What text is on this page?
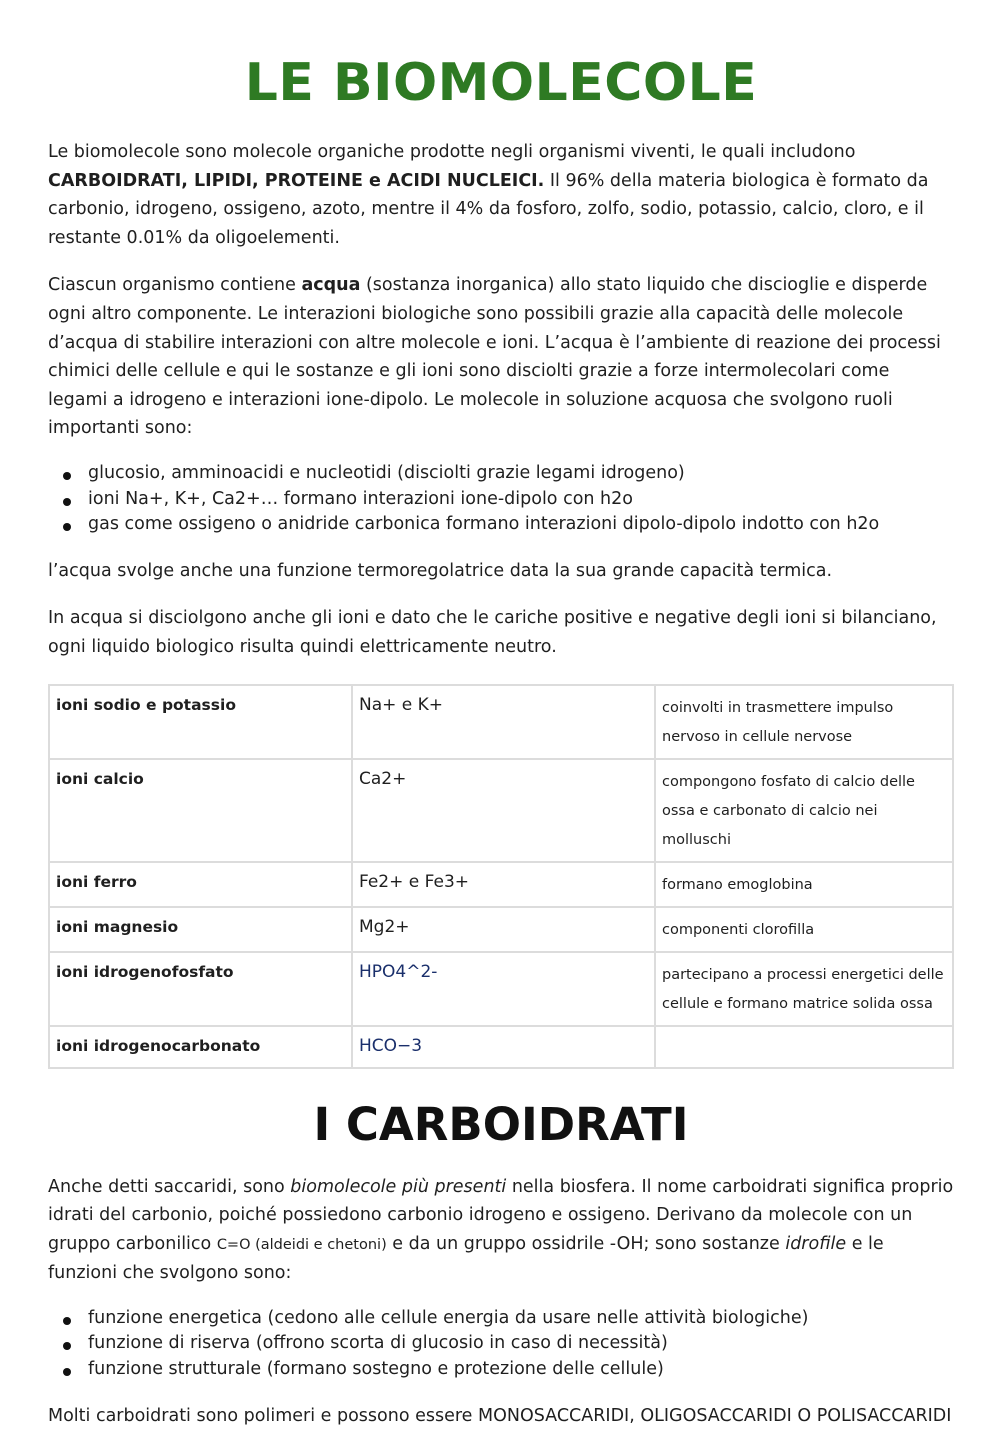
LE BIOMOLECOLE

Le biomolecole sono molecole organiche prodotte negli organismi viventi, le quali includono CARBOIDRATI, LIPIDI, PROTEINE e ACIDI NUCLEICI. Il 96% della materia biologica è formato da carbonio, idrogeno, ossigeno, azoto, mentre il 4% da fosforo, zolfo, sodio, potassio, calcio, cloro, e il restante 0.01% da oligoelementi.

Ciascun organismo contiene acqua (sostanza inorganica) allo stato liquido che discioglie e disperde ogni altro componente. Le interazioni biologiche sono possibili grazie alla capacità delle molecole d’acqua di stabilire interazioni con altre molecole e ioni. L’acqua è l’ambiente di reazione dei processi chimici delle cellule e qui le sostanze e gli ioni sono disciolti grazie a forze intermolecolari come legami a idrogeno e interazioni ione-dipolo. Le molecole in soluzione acquosa che svolgono ruoli importanti sono:

glucosio, amminoacidi e nucleotidi (disciolti grazie legami idrogeno)
ioni Na+, K+, Ca2+… formano interazioni ione-dipolo con h2o
gas come ossigeno o anidride carbonica formano interazioni dipolo-dipolo indotto con h2o

l’acqua svolge anche una funzione termoregolatrice data la sua grande capacità termica.

In acqua si disciolgono anche gli ioni e dato che le cariche positive e negative degli ioni si bilanciano, ogni liquido biologico risulta quindi elettricamente neutro.

ioni sodio e potassio	Na+ e K+	coinvolti in trasmettere impulso nervoso in cellule nervose
ioni calcio	Ca2+	compongono fosfato di calcio delle ossa e carbonato di calcio nei molluschi
ioni ferro	Fe2+ e Fe3+	formano emoglobina
ioni magnesio	Mg2+	componenti clorofilla
ioni idrogenofosfato	HPO4^2-	partecipano a processi energetici delle cellule e formano matrice solida ossa
ioni idrogenocarbonato	HCO−3	
I CARBOIDRATI

Anche detti saccaridi, sono biomolecole più presenti nella biosfera. Il nome carboidrati significa proprio idrati del carbonio, poiché possiedono carbonio idrogeno e ossigeno. Derivano da molecole con un gruppo carbonilico C=O (aldeidi e chetoni) e da un gruppo ossidrile -OH; sono sostanze idrofile e le funzioni che svolgono sono:

funzione energetica (cedono alle cellule energia da usare nelle attività biologiche)
funzione di riserva (offrono scorta di glucosio in caso di necessità)
funzione strutturale (formano sostegno e protezione delle cellule)

Molti carboidrati sono polimeri e possono essere MONOSACCARIDI, OLIGOSACCARIDI O POLISACCARIDI
